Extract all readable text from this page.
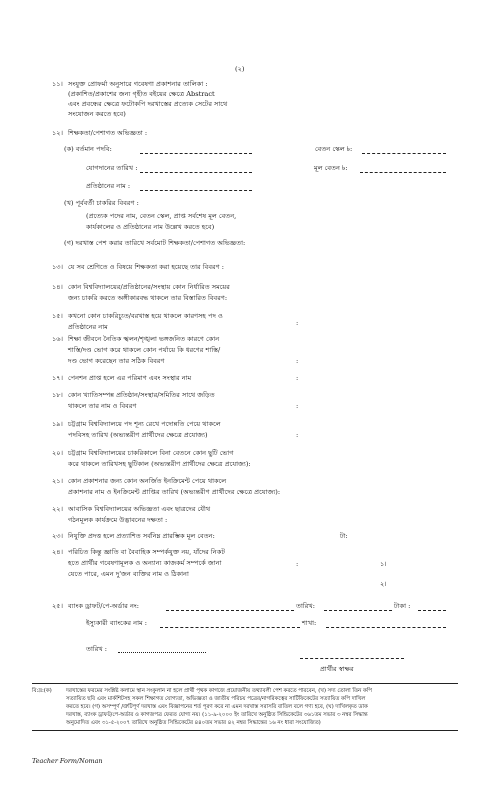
(২)
১১। সংযুক্ত প্রোফর্মা অনুসারে গবেষণা প্রকাশনার তালিকা :
(প্রকাশিত/প্রকাশের জন্য গৃহীত বইয়ের ক্ষেত্রে Abstract
এবং প্রবন্ধের ক্ষেত্রে ফটোকপি দরখাস্তের প্রত্যেক সেটের সাথে
সংযোজন করতে হবে)
১২। শিক্ষকতা/পেশাগত অভিজ্ঞতা :
(ক) বর্তমান পদবি:	বেতন স্কেল ৳:
যোগদানের তারিখ :	মূল বেতন ৳:
প্রতিষ্ঠানের নাম :
(খ) পূর্ববর্তী চাকরির বিবরণ :
(প্রত্যেক পদের নাম, বেতন স্কেল, প্রাপ্ত সর্বশেষ মূল বেতন,
কার্যকালের ও প্রতিষ্ঠানের নাম উল্লেখ করতে হবে)
(গ) দরখাস্ত পেশ করার তারিখে সর্বমোট শিক্ষকতা/পেশাগত অভিজ্ঞতা:
১৩। যে সব শ্রেণিতে ও বিষয়ে শিক্ষকতা করা হয়েছে তার বিবরণ :
১৪। কোন বিশ্ববিদ্যালয়ের/প্রতিষ্ঠানের/সংস্থায় কোন নির্ধারিত সময়ের
জন্য চাকরি করতে অঙ্গীকারবদ্ধ থাকলে তার বিস্তারিত বিবরণ:
১৫। কখনো কোন চাকরিচ্যুত/বরখাস্ত হয়ে থাকলে কারণসহ পদ ও
প্রতিষ্ঠানের নাম	:
১৬। শিক্ষা জীবনে নৈতিক স্খলন/শৃঙ্খলা ভঙ্গজনিত কারণে কোন
শাস্তি/দণ্ড ভোগ করে থাকলে কোন পর্যায়ে কি ধরণের শাস্তি/
দণ্ড ভোগ করেছেন তার সঠিক বিবরণ	:
১৭। পেনশন প্রাপ্ত হলে এর পরিমাণ এবং সংস্থার নাম	:
১৮। কোন খ্যাতিসম্পন্ন প্রতিষ্ঠান/সংস্থার/সমিতির সাথে জড়িত
থাকলে তার নাম ও বিবরণ	:
১৯। চট্টগ্রাম বিশ্ববিদ্যালয়ে পদ শূন্য রেখে পদোন্নতি পেয়ে থাকলে
পদবিসহ তারিখ (অভ্যন্তরীণ প্রার্থীদের ক্ষেত্রে প্রযোজ্য)	:
২০। চট্টগ্রাম বিশ্ববিদ্যালয়ের চাকরিকালে বিনা বেতনে কোন ছুটি ভোগ
করে থাকলে তারিখসহ ছুটিকাল (অভ্যন্তরীণ প্রার্থীদের ক্ষেত্রে প্রযোজ্য):
২১। কোন প্রকাশনার জন্য কোন অনর্জিত ইনক্রিমেন্ট পেয়ে থাকলে
প্রকাশনার নাম ও ইনক্রিমেন্ট প্রাপ্তির তারিখ (অভ্যন্তরীণ প্রার্থীদের ক্ষেত্রে প্রযোজ্য):
২২। আবাসিক বিশ্ববিদ্যালয়ের অভিজ্ঞতা এবং ছাত্রদের যৌথ
গঠনমূলক কার্যক্রমে উদ্ভাবনের দক্ষতা :
২৩। নিযুক্তি প্রদত্ত হলে প্রত্যাশিত সর্বনিম্ন প্রারম্ভিক মূল বেতন:	টা:
২৪। পরিচিত কিন্তু জ্ঞাতি বা বৈবাহিক সম্পর্কযুক্ত নয়, যাঁদের নিকট
হতে প্রার্থীর গবেষণামূলক ও অন্যান্য কাজকর্ম সম্পর্কে জানা
যেতে পারে, এমন দু'জন ব্যক্তির নাম ও ঠিকানা
:	১।
২।
২৫। ব্যাংক ড্রাফট/পে-অর্ডার নং:	তারিখ:	টাকা :
ইস্যুকারী ব্যাংকের নাম :	শাখা:
তারিখ :
প্রার্থীর স্বাক্ষর
বি:দ্র:(ক)	দরখাস্তের ফরমের সংশ্লিষ্ট কলামে স্থান সংকুলান না হলে প্রার্থী পৃথক কাগজে প্রয়োজনীয় তথ্যাবলী পেশ করতে পারবেন, (খ) সদ্য তোলা তিন কপি
সত্যায়িত ছবি এবং মার্কশিটসহ সকল শিক্ষাগত যোগ্যতা, অভিজ্ঞতা ও জাতীয় পরিচয় পত্রের/নাগরিকত্বের সার্টিফিকেটের সত্যায়িত কপি দাখিল
করতে হবে। (গ) অসম্পূর্ণ /ত্রুটিপূর্ণ দরখাস্ত এবং বিজ্ঞাপনের শর্ত পূরণ করে না এমন দরখাস্ত সরাসরি বাতিল বলে গণ্য হবে, (ঘ) দাখিলকৃত ডাক
দরখাস্ত, ব্যাংক ড্রাফট/পে-অর্ডার ও কাগজপত্র ফেরত যোগ্য নয়। (১১-৯-২০০০ ইং তারিখে অনুষ্ঠিত সিন্ডিকেটের ৩৬১তম সভার ৩ নম্বর সিদ্ধান্ত
অনুমোদিত এবং ৩১-৫-২০০৭ তারিখে অনুষ্ঠিত সিন্ডিকেটের ৪৪০তম সভার ৪২ নম্বর সিদ্ধান্তের ১৬ নং ধারা সংযোজিত)
Teacher Form/Noman
